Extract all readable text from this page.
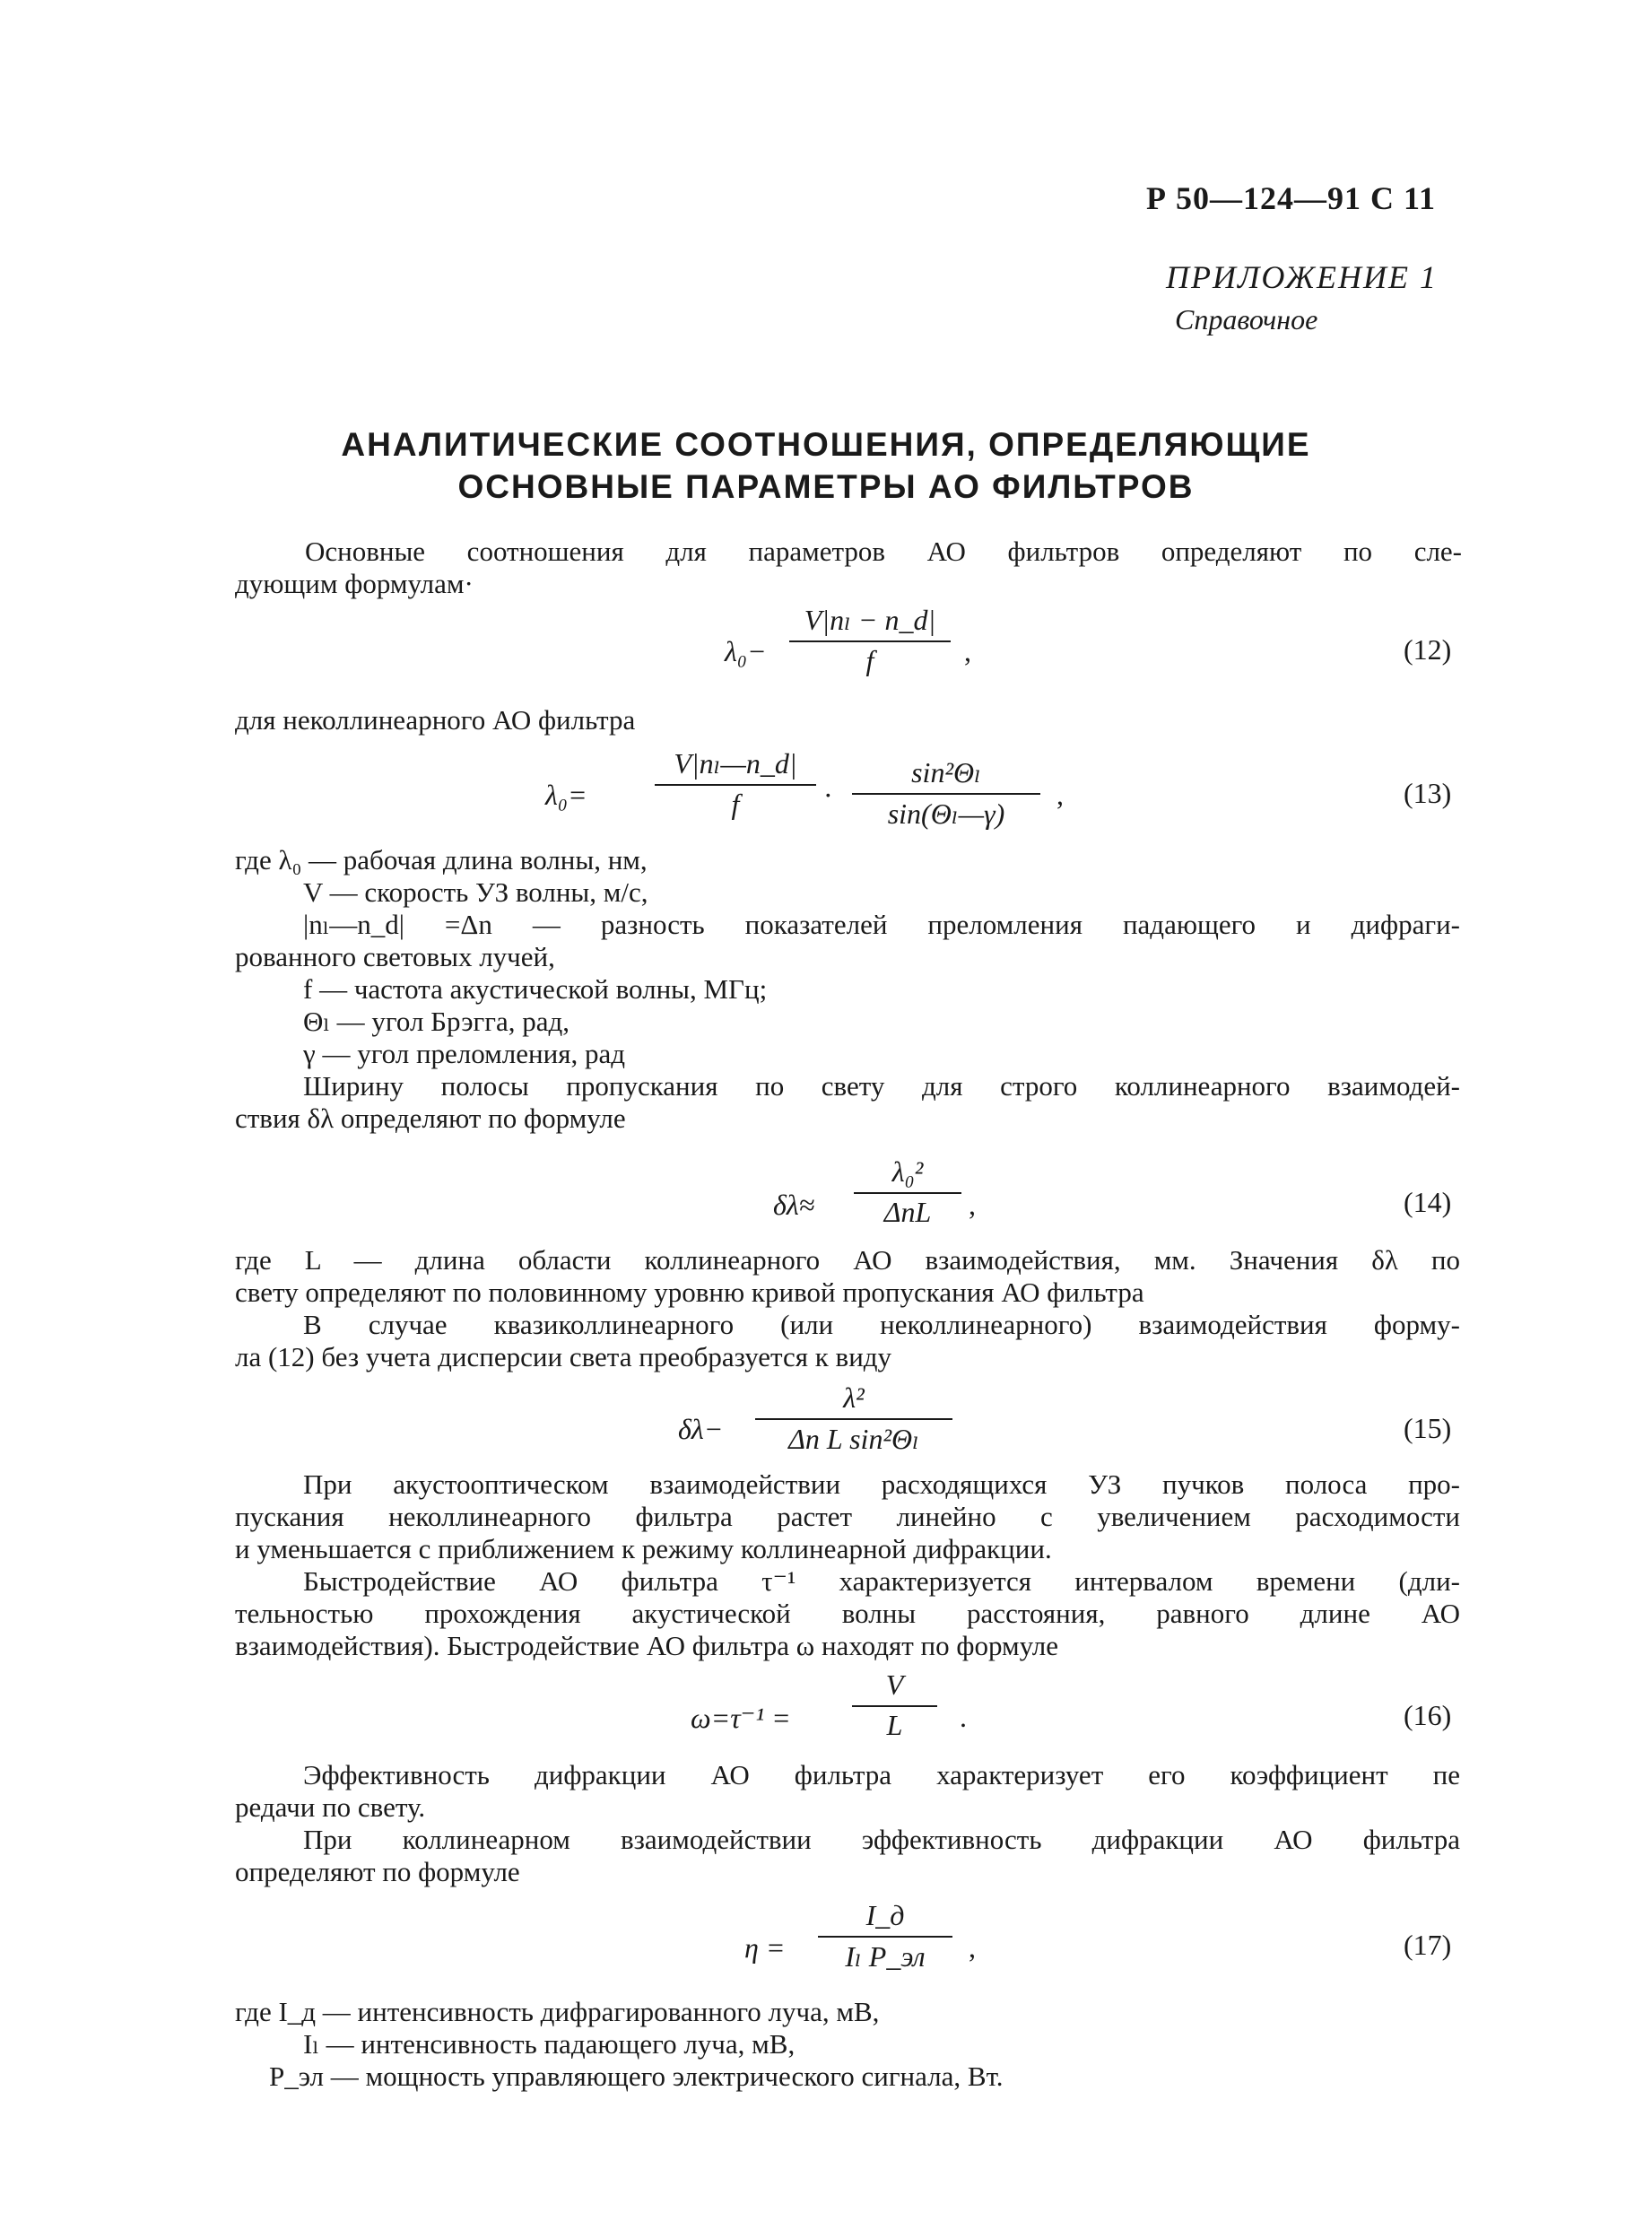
Р 50—124—91 С 11
ПРИЛОЖЕНИЕ 1
Справочное
АНАЛИТИЧЕСКИЕ СООТНОШЕНИЯ, ОПРЕДЕЛЯЮЩИЕ
ОСНОВНЫЕ ПАРАМЕТРЫ АО ФИЛЬТРОВ
Основные соотношения для параметров АО фильтров определяют по сле-
дующим формулам·
λ₀−
V|nₗ − n_d|
f	,	(12)
для неколлинеарного АО фильтра
λ₀=
V|nₗ—n_d|
f	·
sin²Θₗ
sin(Θₗ—γ)
,	(13)
где λ₀ — рабочая длина волны, нм,
V — скорость УЗ волны, м/с,
|nₗ—n_d| =Δn — разность показателей преломления падающего и дифраги-
рованного световых лучей,
f — частота акустической волны, МГц;
Θₗ — угол Брэгга, рад,
γ — угол преломления, рад
Ширину полосы пропускания по свету для строго коллинеарного взаимодей-
ствия δλ определяют по формуле
δλ≈
λ₀²
ΔnL	,	(14)
где L — длина области коллинеарного АО взаимодействия, мм. Значения δλ по
свету определяют по половинному уровню кривой пропускания АО фильтра
В случае квазиколлинеарного (или неколлинеарного) взаимодействия форму-
ла (12) без учета дисперсии света преобразуется к виду
δλ−
λ²
Δn L sin²Θₗ	(15)
При акустооптическом взаимодействии расходящихся УЗ пучков полоса про-
пускания неколлинеарного фильтра растет линейно с увеличением расходимости
и уменьшается с приближением к режиму коллинеарной дифракции.
Быстродействие АО фильтра τ⁻¹ характеризуется интервалом времени (дли-
тельностью прохождения акустической волны расстояния, равного длине АО
взаимодействия). Быстродействие АО фильтра ω находят по формуле
ω=τ⁻¹ =
V
L	.	(16)
Эффективность дифракции АО фильтра характеризует его коэффициент пе
редачи по свету.
При коллинеарном взаимодействии эффективность дифракции АО фильтра
определяют по формуле
η =
I_д
Iₗ P_эл	,	(17)
где I_д — интенсивность дифрагированного луча, мВ,
Iₗ — интенсивность падающего луча, мВ,
P_эл — мощность управляющего электрического сигнала, Вт.
